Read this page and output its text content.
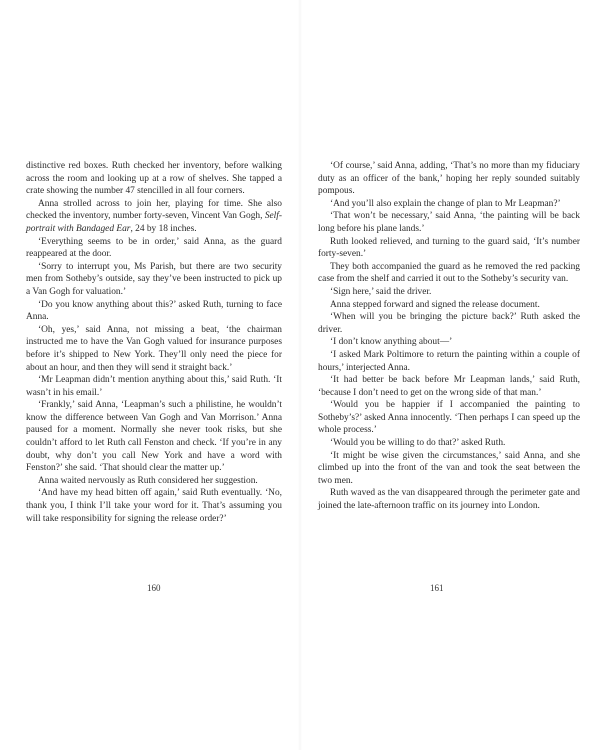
distinctive red boxes. Ruth checked her inventory, before walking across the room and looking up at a row of shelves. She tapped a crate showing the number 47 stencilled in all four corners.

Anna strolled across to join her, playing for time. She also checked the inventory, number forty-seven, Vincent Van Gogh, Self-portrait with Bandaged Ear, 24 by 18 inches.

‘Everything seems to be in order,’ said Anna, as the guard reappeared at the door.

‘Sorry to interrupt you, Ms Parish, but there are two security men from Sotheby’s outside, say they’ve been instructed to pick up a Van Gogh for valuation.’

‘Do you know anything about this?’ asked Ruth, turning to face Anna.

‘Oh, yes,’ said Anna, not missing a beat, ‘the chairman instructed me to have the Van Gogh valued for insurance purposes before it’s shipped to New York. They’ll only need the piece for about an hour, and then they will send it straight back.’

‘Mr Leapman didn’t mention anything about this,’ said Ruth. ‘It wasn’t in his email.’

‘Frankly,’ said Anna, ‘Leapman’s such a philistine, he wouldn’t know the difference between Van Gogh and Van Morrison.’ Anna paused for a moment. Normally she never took risks, but she couldn’t afford to let Ruth call Fenston and check. ‘If you’re in any doubt, why don’t you call New York and have a word with Fenston?’ she said. ‘That should clear the matter up.’

Anna waited nervously as Ruth considered her suggestion.

‘And have my head bitten off again,’ said Ruth eventually. ‘No, thank you, I think I’ll take your word for it. That’s assuming you will take responsibility for signing the release order?’

‘Of course,’ said Anna, adding, ‘That’s no more than my fiduciary duty as an officer of the bank,’ hoping her reply sounded suitably pompous.

‘And you’ll also explain the change of plan to Mr Leapman?’

‘That won’t be necessary,’ said Anna, ‘the painting will be back long before his plane lands.’

Ruth looked relieved, and turning to the guard said, ‘It’s number forty-seven.’

They both accompanied the guard as he removed the red packing case from the shelf and carried it out to the Sotheby’s security van.

‘Sign here,’ said the driver.

Anna stepped forward and signed the release document.

‘When will you be bringing the picture back?’ Ruth asked the driver.

‘I don’t know anything about—’

‘I asked Mark Poltimore to return the painting within a couple of hours,’ interjected Anna.

‘It had better be back before Mr Leapman lands,’ said Ruth, ‘because I don’t need to get on the wrong side of that man.’

‘Would you be happier if I accompanied the painting to Sotheby’s?’ asked Anna innocently. ‘Then perhaps I can speed up the whole process.’

‘Would you be willing to do that?’ asked Ruth.

‘It might be wise given the circumstances,’ said Anna, and she climbed up into the front of the van and took the seat between the two men.

Ruth waved as the van disappeared through the perimeter gate and joined the late-afternoon traffic on its journey into London.

160	161
